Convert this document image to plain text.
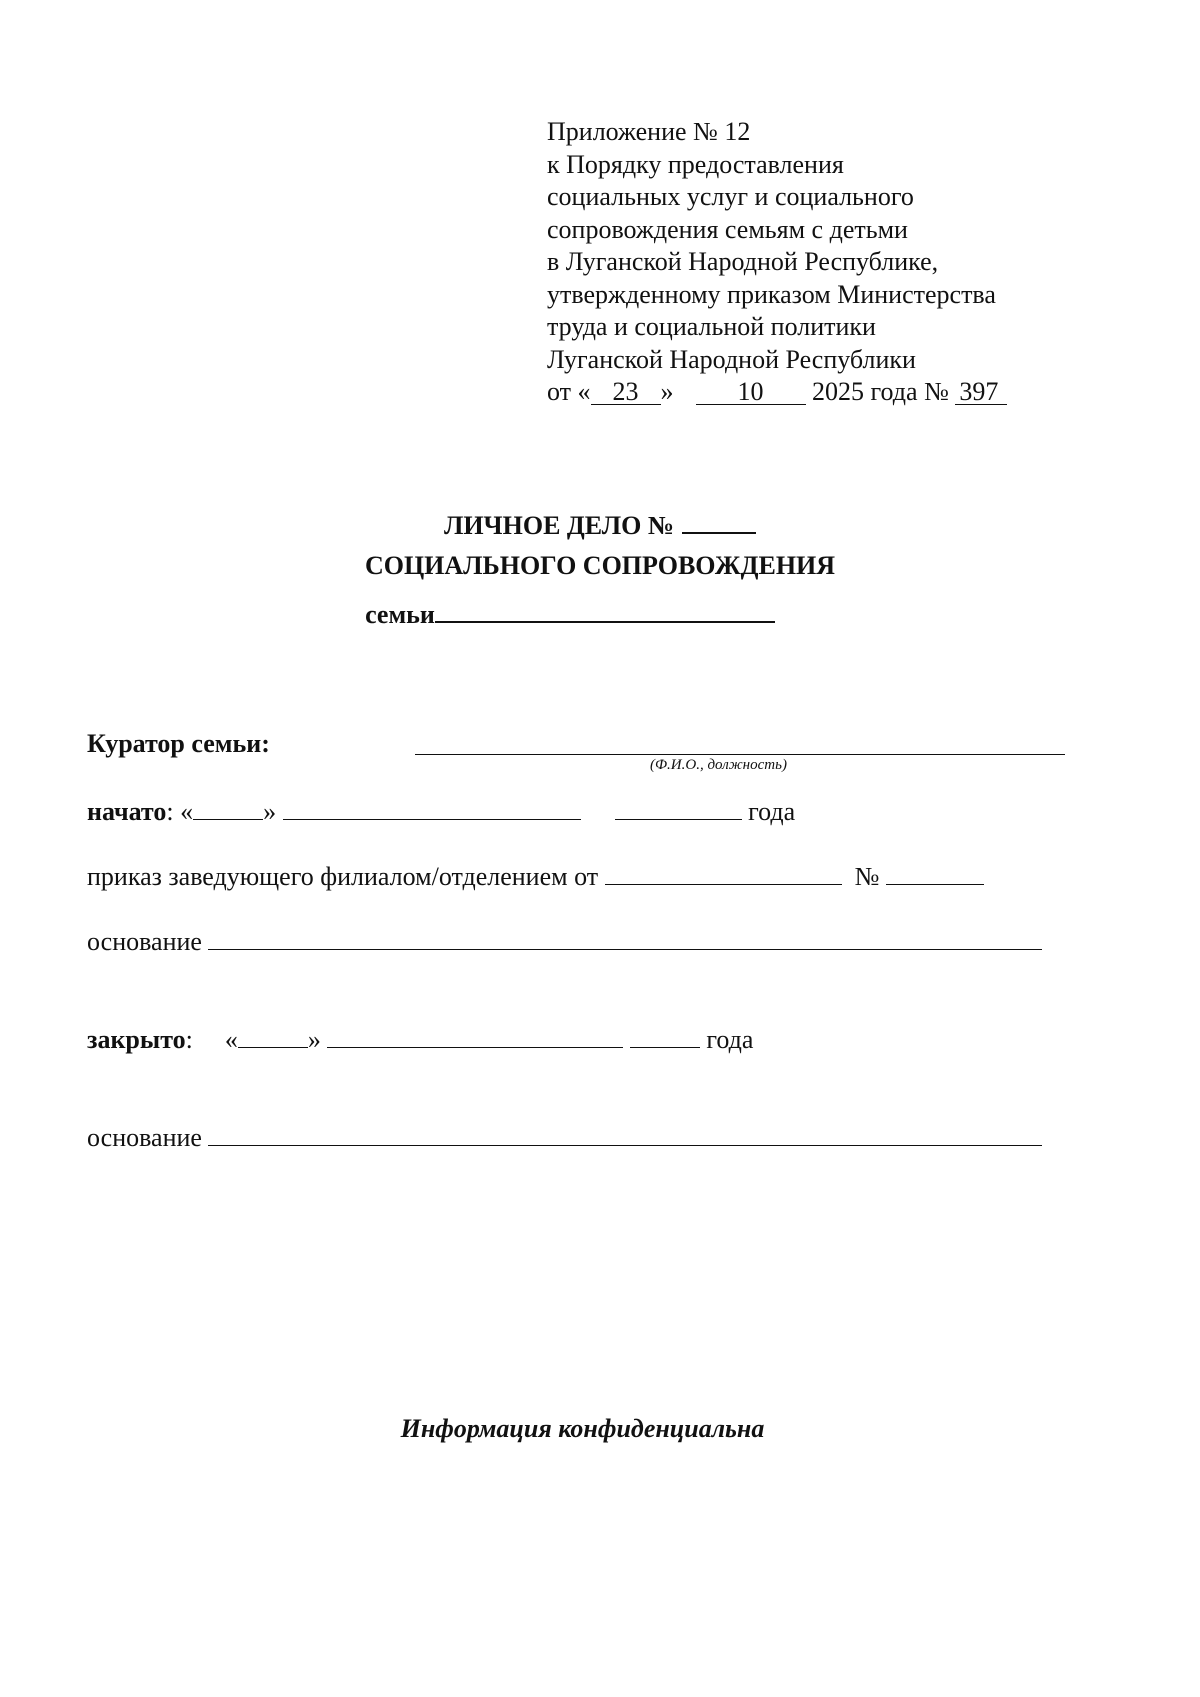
Приложение № 12
к Порядку предоставления
социальных услуг и социального
сопровождения семьям с детьми
в Луганской Народной Республике,
утвержденному приказом Министерства
труда и социальной политики
Луганской Народной Республики
от « 23 » 10 2025 года № 397
ЛИЧНОЕ ДЕЛО №
СОЦИАЛЬНОГО СОПРОВОЖДЕНИЯ
семьи
Куратор семьи:
(Ф.И.О., должность)
начато: «	»	года
приказ заведующего филиалом/отделением от	№
основание
закрыто: «	»	года
основание
Информация конфиденциальна
